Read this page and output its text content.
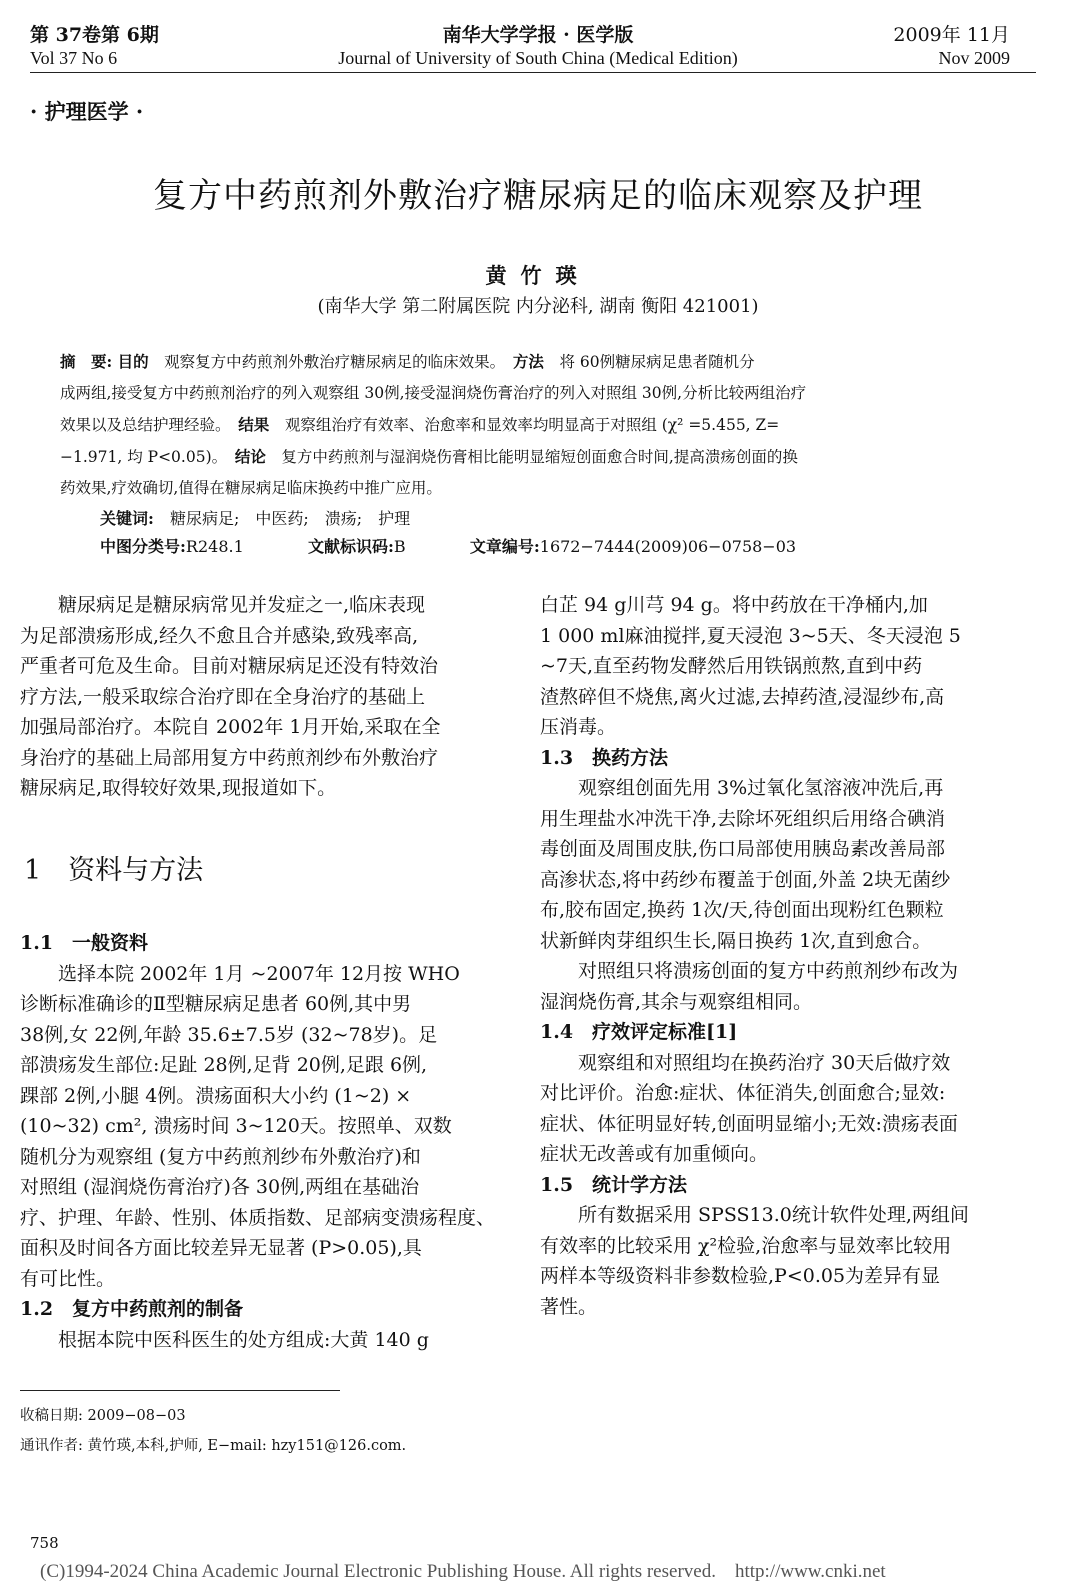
第 37卷第 6期
Vol 37 No 6
南华大学学报 · 医学版
Journal of University of South China (Medical Edition)
2009年 11月
Nov 2009
· 护理医学 ·
复方中药煎剂外敷治疗糖尿病足的临床观察及护理
黄竹瑛
(南华大学 第二附属医院 内分泌科, 湖南 衡阳 421001)
摘　要: 目的　 观察复方中药煎剂外敷治疗糖尿病足的临床效果。　 方法　 将 60例糖尿病足患者随机分
成两组,接受复方中药煎剂治疗的列入观察组 30例,接受湿润烧伤膏治疗的列入对照组 30例,分析比较两组治疗
效果以及总结护理经验。　 结果　 观察组治疗有效率、治愈率和显效率均明显高于对照组 (χ² =5.455, Z=
−1.971, 均 P<0.05)。　 结论　 复方中药煎剂与湿润烧伤膏相比能明显缩短创面愈合时间,提高溃疡创面的换
药效果,疗效确切,值得在糖尿病足临床换药中推广应用。
关键词:　 糖尿病足;　中医药;　溃疡;　护理
中图分类号:R248.1	文献标识码:B	文章编号:1672−7444(2009)06−0758−03
　　糖尿病足是糖尿病常见并发症之一,临床表现
为足部溃疡形成,经久不愈且合并感染,致残率高,
严重者可危及生命。目前对糖尿病足还没有特效治
疗方法,一般采取综合治疗即在全身治疗的基础上
加强局部治疗。本院自 2002年 1月开始,采取在全
身治疗的基础上局部用复方中药煎剂纱布外敷治疗
糖尿病足,取得较好效果,现报道如下。
1　资料与方法
1.1　一般资料
　　选择本院 2002年 1月 ~2007年 12月按 WHO
诊断标准确诊的Ⅱ型糖尿病足患者 60例,其中男
38例,女 22例,年龄 35.6±7.5岁 (32~78岁)。足
部溃疡发生部位:足趾 28例,足背 20例,足跟 6例,
踝部 2例,小腿 4例。溃疡面积大小约 (1~2) ×
(10~32) cm², 溃疡时间 3~120天。按照单、双数
随机分为观察组 (复方中药煎剂纱布外敷治疗)和
对照组 (湿润烧伤膏治疗)各 30例,两组在基础治
疗、护理、年龄、性别、体质指数、足部病变溃疡程度、
面积及时间各方面比较差异无显著 (P>0.05),具
有可比性。
1.2　复方中药煎剂的制备
　　根据本院中医科医生的处方组成:大黄 140 g
白芷 94 g川芎 94 g。将中药放在干净桶内,加
1 000 ml麻油搅拌,夏天浸泡 3~5天、冬天浸泡 5
~7天,直至药物发酵然后用铁锅煎熬,直到中药
渣熬碎但不烧焦,离火过滤,去掉药渣,浸湿纱布,高
压消毒。
1.3　换药方法
　　观察组创面先用 3%过氧化氢溶液冲洗后,再
用生理盐水冲洗干净,去除坏死组织后用络合碘消
毒创面及周围皮肤,伤口局部使用胰岛素改善局部
高渗状态,将中药纱布覆盖于创面,外盖 2块无菌纱
布,胶布固定,换药 1次/天,待创面出现粉红色颗粒
状新鲜肉芽组织生长,隔日换药 1次,直到愈合。
　　对照组只将溃疡创面的复方中药煎剂纱布改为
湿润烧伤膏,其余与观察组相同。
1.4　疗效评定标准[1]
　　观察组和对照组均在换药治疗 30天后做疗效
对比评价。治愈:症状、体征消失,创面愈合;显效:
症状、体征明显好转,创面明显缩小;无效:溃疡表面
症状无改善或有加重倾向。
1.5　统计学方法
　　所有数据采用 SPSS13.0统计软件处理,两组间
有效率的比较采用 χ²检验,治愈率与显效率比较用
两样本等级资料非参数检验,P<0.05为差异有显
著性。
收稿日期: 2009−08−03
通讯作者: 黄竹瑛,本科,护师, E−mail: hzy151@126.com.
758
(C)1994-2024 China Academic Journal Electronic Publishing House. All rights reserved.　http://www.cnki.net
